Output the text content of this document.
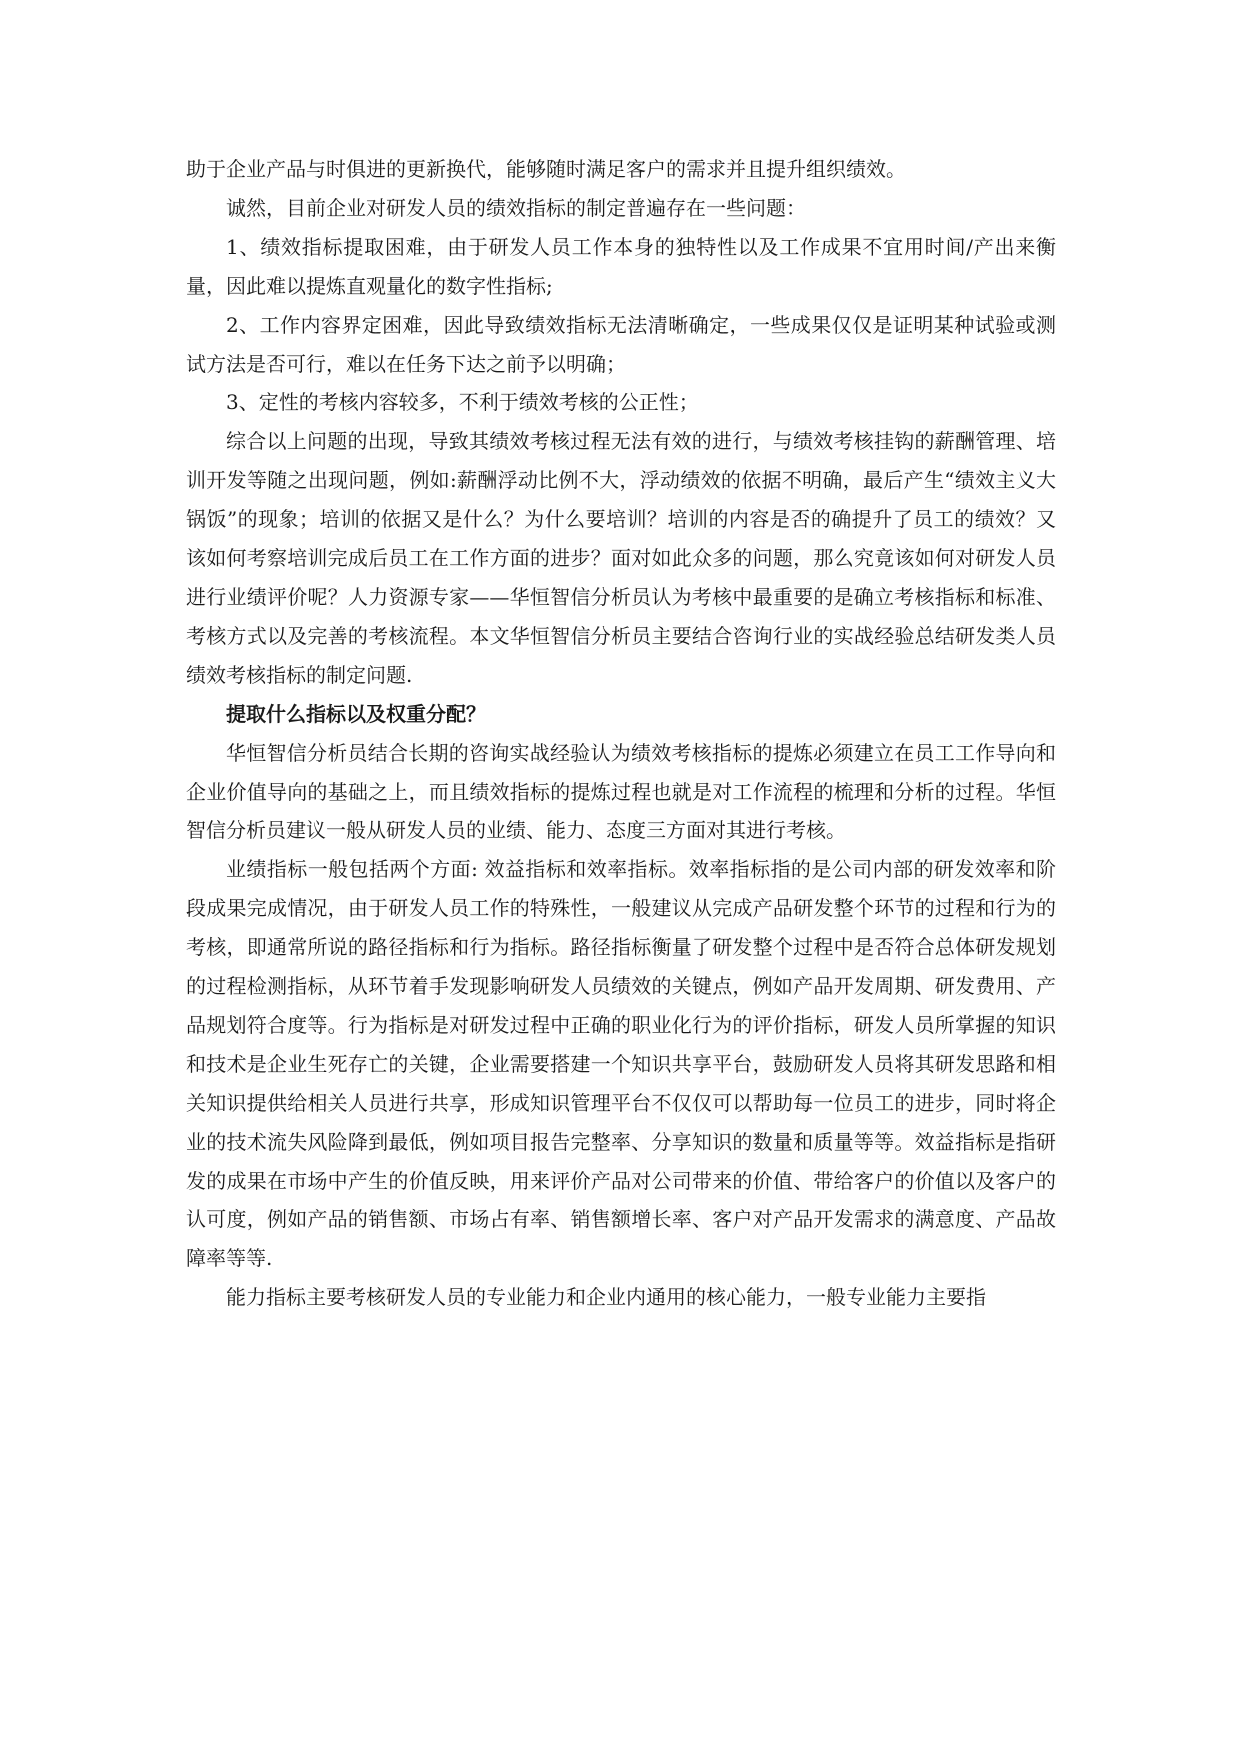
助于企业产品与时俱进的更新换代，能够随时满足客户的需求并且提升组织绩效。

诚然，目前企业对研发人员的绩效指标的制定普遍存在一些问题：

1、绩效指标提取困难，由于研发人员工作本身的独特性以及工作成果不宜用时间/产出来衡量，因此难以提炼直观量化的数字性指标;

2、工作内容界定困难，因此导致绩效指标无法清晰确定，一些成果仅仅是证明某种试验或测试方法是否可行，难以在任务下达之前予以明确；

3、定性的考核内容较多，不利于绩效考核的公正性；

综合以上问题的出现，导致其绩效考核过程无法有效的进行，与绩效考核挂钩的薪酬管理、培训开发等随之出现问题，例如:薪酬浮动比例不大，浮动绩效的依据不明确，最后产生“绩效主义大锅饭”的现象；培训的依据又是什么？为什么要培训？培训的内容是否的确提升了员工的绩效？又该如何考察培训完成后员工在工作方面的进步？面对如此众多的问题，那么究竟该如何对研发人员进行业绩评价呢？人力资源专家——华恒智信分析员认为考核中最重要的是确立考核指标和标准、考核方式以及完善的考核流程。本文华恒智信分析员主要结合咨询行业的实战经验总结研发类人员绩效考核指标的制定问题.

提取什么指标以及权重分配？

华恒智信分析员结合长期的咨询实战经验认为绩效考核指标的提炼必须建立在员工工作导向和企业价值导向的基础之上，而且绩效指标的提炼过程也就是对工作流程的梳理和分析的过程。华恒智信分析员建议一般从研发人员的业绩、能力、态度三方面对其进行考核。

业绩指标一般包括两个方面: 效益指标和效率指标。效率指标指的是公司内部的研发效率和阶段成果完成情况，由于研发人员工作的特殊性，一般建议从完成产品研发整个环节的过程和行为的考核，即通常所说的路径指标和行为指标。路径指标衡量了研发整个过程中是否符合总体研发规划的过程检测指标，从环节着手发现影响研发人员绩效的关键点，例如产品开发周期、研发费用、产品规划符合度等。行为指标是对研发过程中正确的职业化行为的评价指标，研发人员所掌握的知识和技术是企业生死存亡的关键，企业需要搭建一个知识共享平台，鼓励研发人员将其研发思路和相关知识提供给相关人员进行共享，形成知识管理平台不仅仅可以帮助每一位员工的进步，同时将企业的技术流失风险降到最低，例如项目报告完整率、分享知识的数量和质量等等。效益指标是指研发的成果在市场中产生的价值反映，用来评价产品对公司带来的价值、带给客户的价值以及客户的认可度，例如产品的销售额、市场占有率、销售额增长率、客户对产品开发需求的满意度、产品故障率等等.

能力指标主要考核研发人员的专业能力和企业内通用的核心能力，一般专业能力主要指
